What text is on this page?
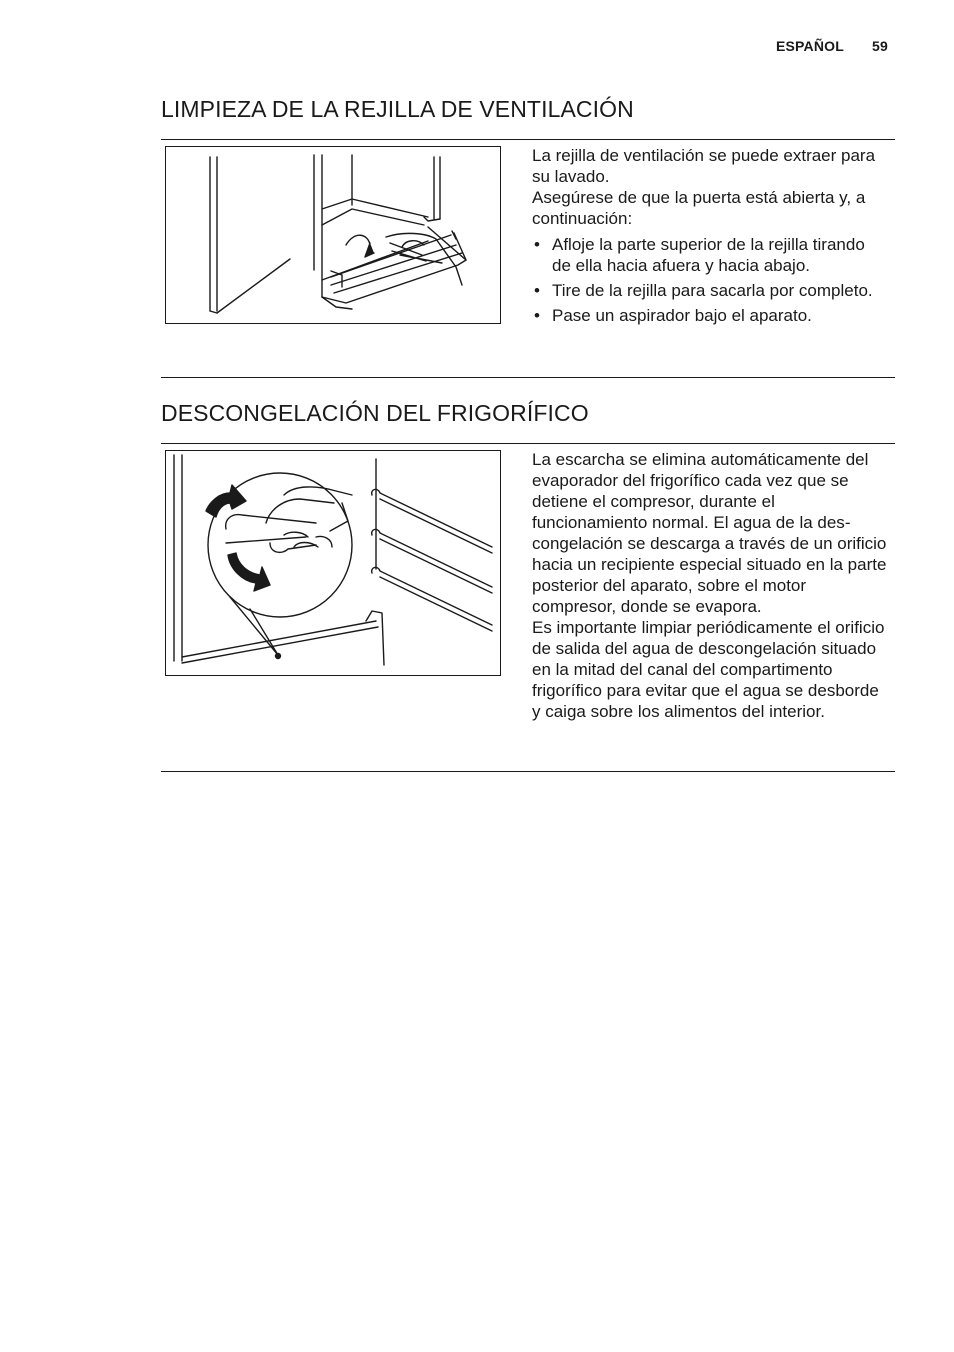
ESPAÑOL 59
LIMPIEZA DE LA REJILLA DE VENTILACIÓN

La rejilla de ventilación se puede extraer para su lavado.

Asegúrese de que la puerta está abierta y, a continuación:

• Afloje la parte superior de la rejilla tirando de ella hacia afuera y hacia abajo.
• Tire de la rejilla para sacarla por completo.
• Pase un aspirador bajo el aparato.
DESCONGELACIÓN DEL FRIGORÍFICO

La escarcha se elimina automáticamente del evaporador del frigorífico cada vez que se detiene el compresor, durante el funcionamiento normal. El agua de la descongelación se descarga a través de un orificio hacia un recipiente especial situado en la parte posterior del aparato, sobre el motor compresor, donde se evapora.

Es importante limpiar periódicamente el orificio de salida del agua de descongelación situado en la mitad del canal del compartimento frigorífico para evitar que el agua se desborde y caiga sobre los alimentos del interior.
